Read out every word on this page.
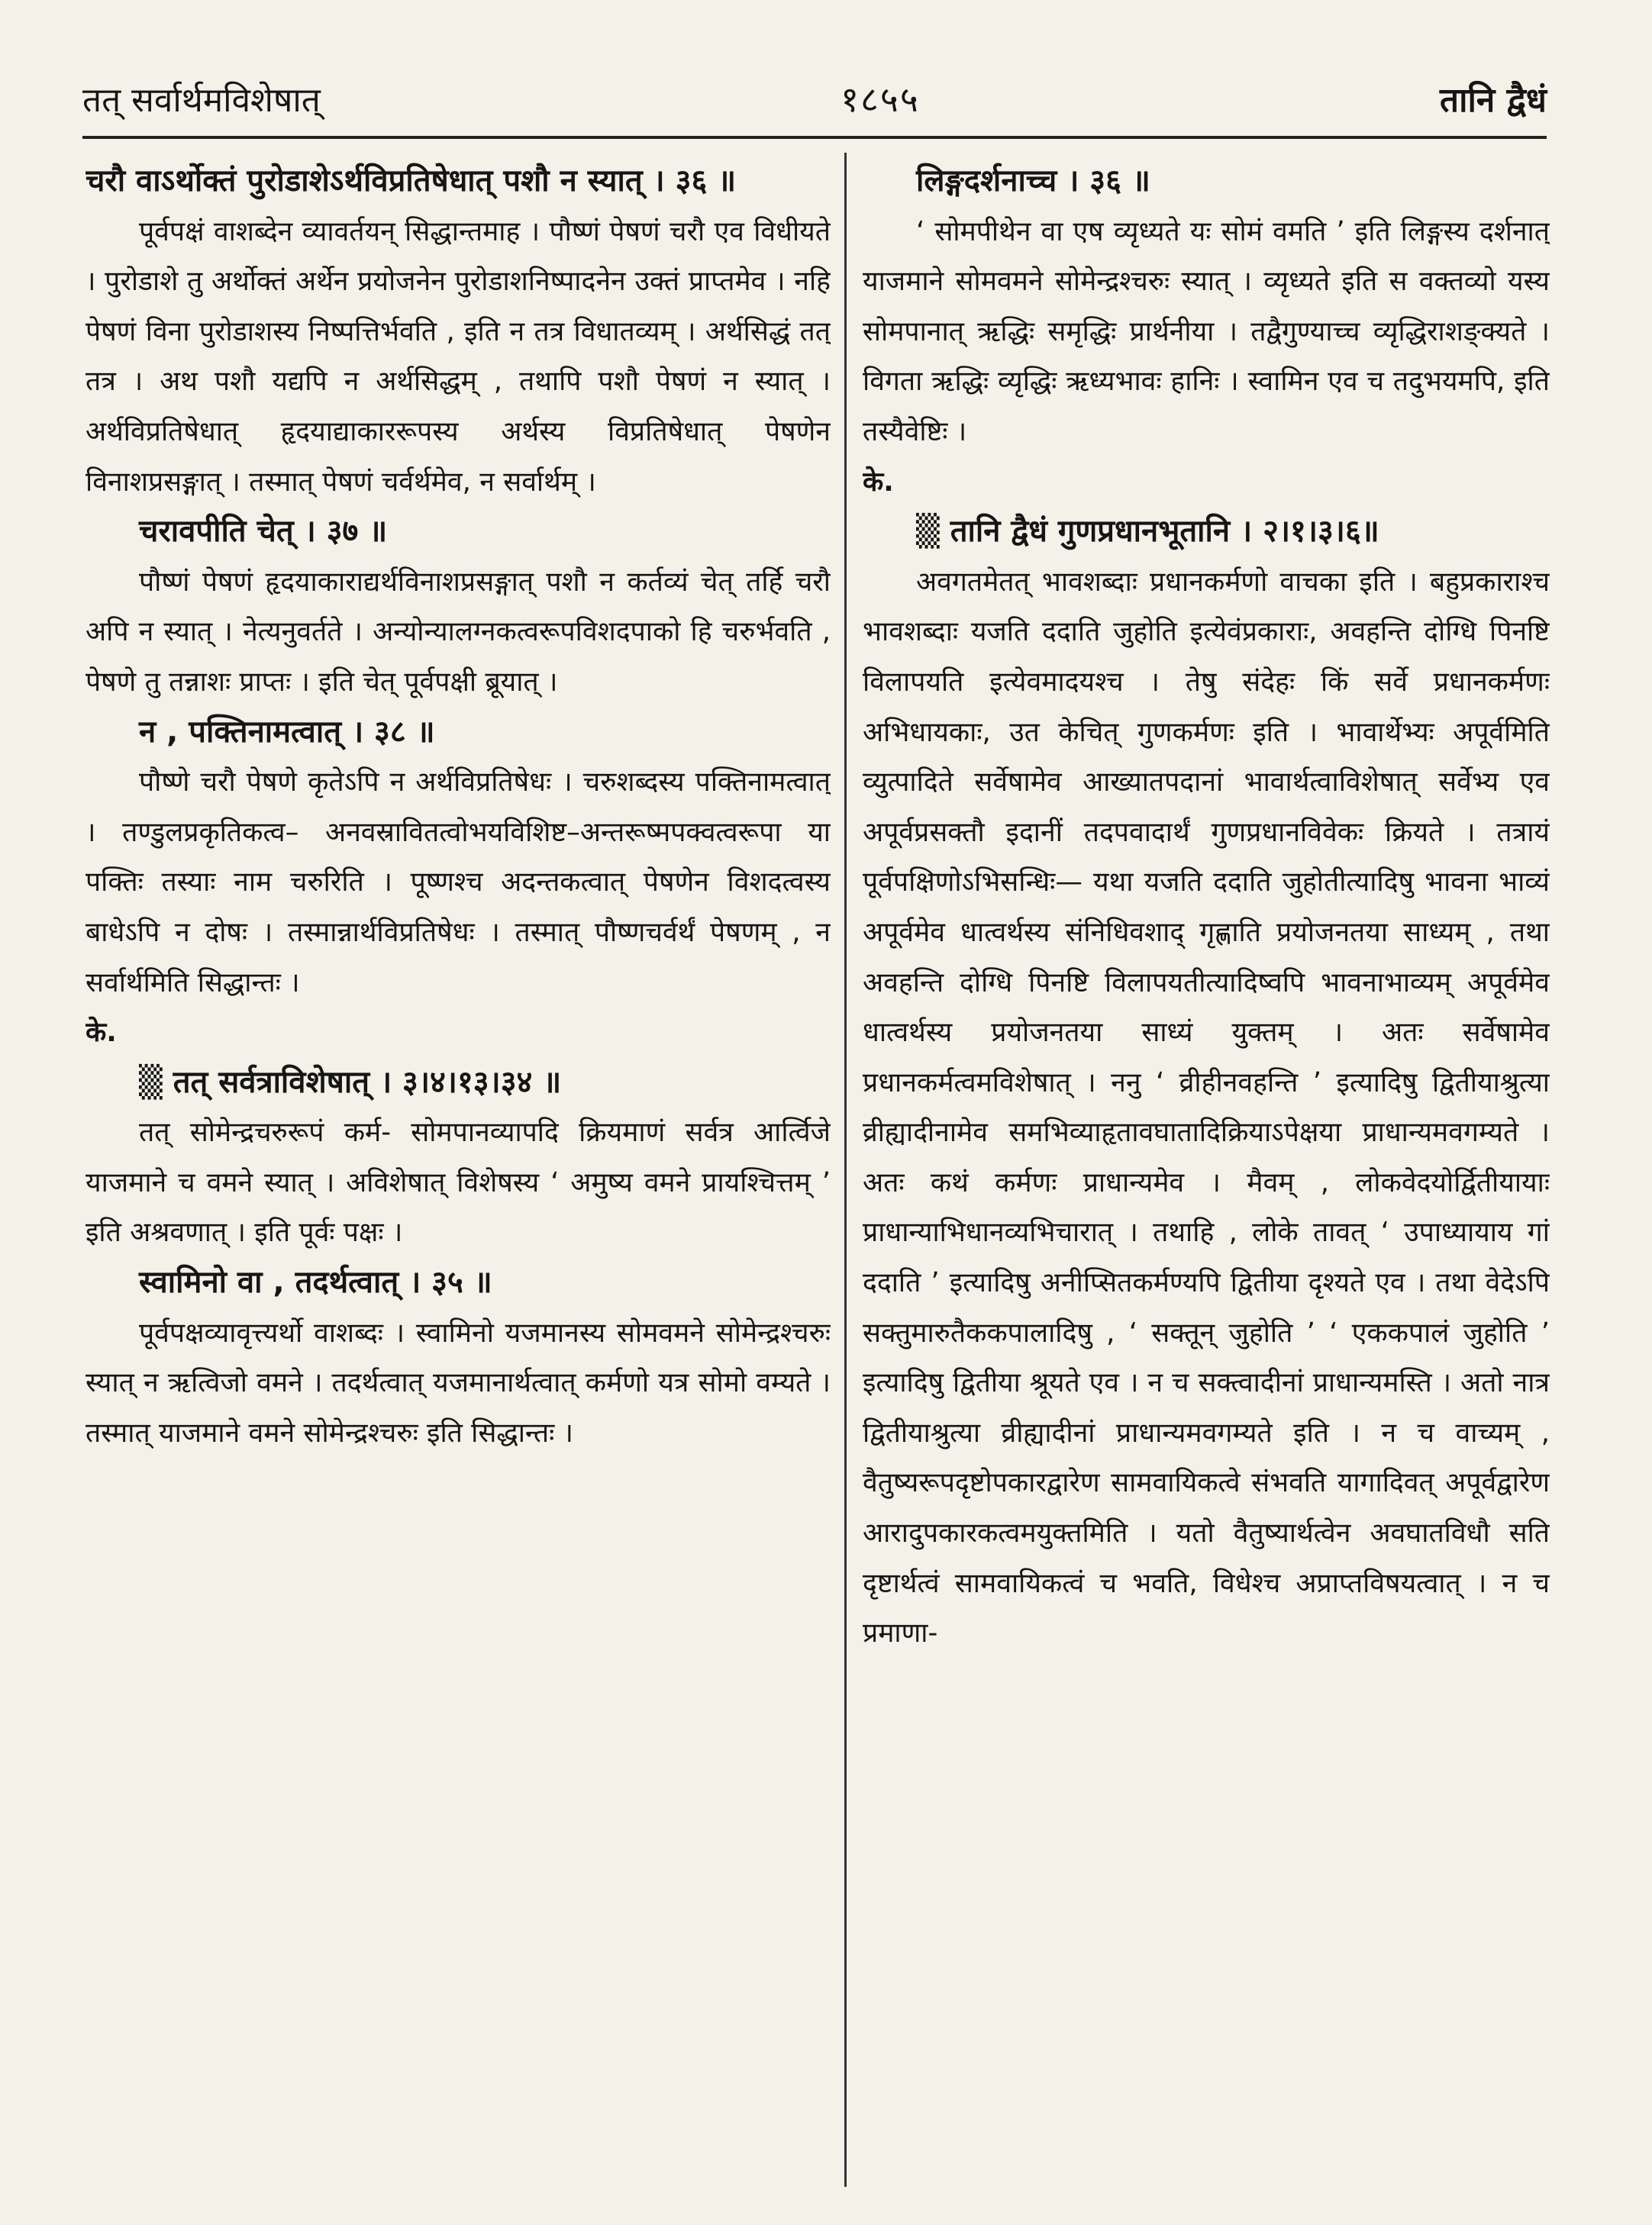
तत् सर्वार्थमविशेषात्	१८५५	तानि द्वैधं

चरौ वाऽर्थोक्तं पुरोडाशेऽर्थविप्रतिषेधात् पशौ न स्यात् । ३६ ॥

पूर्वपक्षं वाशब्देन व्यावर्तयन् सिद्धान्तमाह । पौष्णं पेषणं चरौ एव विधीयते । पुरोडाशे तु अर्थोक्तं अर्थेन प्रयोजनेन पुरोडाशनिष्पादनेन उक्तं प्राप्तमेव । नहि पेषणं विना पुरोडाशस्य निष्पत्तिर्भवति , इति न तत्र विधातव्यम् । अर्थसिद्धं तत् तत्र । अथ पशौ यद्यपि न अर्थसिद्धम् , तथापि पशौ पेषणं न स्यात् । अर्थविप्रतिषेधात् हृदयाद्याकाररूपस्य अर्थस्य विप्रतिषेधात् पेषणेन विनाशप्रसङ्गात् । तस्मात् पेषणं चर्वर्थमेव, न सर्वार्थम् ।

चरावपीति चेत् । ३७ ॥

पौष्णं पेषणं हृदयाकाराद्यर्थविनाशप्रसङ्गात् पशौ न कर्तव्यं चेत् तर्हि चरौ अपि न स्यात् । नेत्यनुवर्तते । अन्योन्यालग्नकत्वरूपविशदपाको हि चरुर्भवति , पेषणे तु तन्नाशः प्राप्तः । इति चेत् पूर्वपक्षी ब्रूयात् ।

न , पक्तिनामत्वात् । ३८ ॥

पौष्णे चरौ पेषणे कृतेऽपि न अर्थविप्रतिषेधः । चरुशब्दस्य पक्तिनामत्वात् । तण्डुलप्रकृतिकत्व– अनवस्रावितत्वोभयविशिष्ट–अन्तरूष्मपक्वत्वरूपा या पक्तिः तस्याः नाम चरुरिति । पूष्णश्च अदन्तकत्वात् पेषणेन विशदत्वस्य बाधेऽपि न दोषः । तस्मान्नार्थविप्रतिषेधः । तस्मात् पौष्णचर्वर्थं पेषणम् , न सर्वार्थमिति सिद्धान्तः ।

के.

▒ तत् सर्वत्राविशेषात् । ३।४।१३।३४ ॥

तत् सोमेन्द्रचरुरूपं कर्म- सोमपानव्यापदि क्रियमाणं सर्वत्र आर्त्विजे याजमाने च वमने स्यात् । अविशेषात् विशेषस्य ‘ अमुष्य वमने प्रायश्चित्तम् ’ इति अश्रवणात् । इति पूर्वः पक्षः ।

स्वामिनो वा , तदर्थत्वात् । ३५ ॥

पूर्वपक्षव्यावृत्त्यर्थो वाशब्दः । स्वामिनो यजमानस्य सोमवमने सोमेन्द्रश्चरुः स्यात् न ऋत्विजो वमने । तदर्थत्वात् यजमानार्थत्वात् कर्मणो यत्र सोमो वम्यते । तस्मात् याजमाने वमने सोमेन्द्रश्चरुः इति सिद्धान्तः ।

लिङ्गदर्शनाच्च । ३६ ॥

‘ सोमपीथेन वा एष व्यृध्यते यः सोमं वमति ’ इति लिङ्गस्य दर्शनात् याजमाने सोमवमने सोमेन्द्रश्चरुः स्यात् । व्यृध्यते इति स वक्तव्यो यस्य सोमपानात् ऋद्धिः समृद्धिः प्रार्थनीया । तद्वैगुण्याच्च व्यृद्धिराशङ्क्यते । विगता ऋद्धिः व्यृद्धिः ऋध्यभावः हानिः । स्वामिन एव च तदुभयमपि, इति तस्यैवेष्टिः ।

के.

▒ तानि द्वैधं गुणप्रधानभूतानि । २।१।३।६॥

अवगतमेतत् भावशब्दाः प्रधानकर्मणो वाचका इति । बहुप्रकाराश्च भावशब्दाः यजति ददाति जुहोति इत्येवंप्रकाराः, अवहन्ति दोग्धि पिनष्टि विलापयति इत्येवमादयश्च । तेषु संदेहः किं सर्वे प्रधानकर्मणः अभिधायकाः, उत केचित् गुणकर्मणः इति । भावार्थेभ्यः अपूर्वमिति व्युत्पादिते सर्वेषामेव आख्यातपदानां भावार्थत्वाविशेषात् सर्वेभ्य एव अपूर्वप्रसक्तौ इदानीं तदपवादार्थं गुणप्रधानविवेकः क्रियते । तत्रायं पूर्वपक्षिणोऽभिसन्धिः— यथा यजति ददाति जुहोतीत्यादिषु भावना भाव्यं अपूर्वमेव धात्वर्थस्य संनिधिवशाद् गृह्णाति प्रयोजनतया साध्यम् , तथा अवहन्ति दोग्धि पिनष्टि विलापयतीत्यादिष्वपि भावनाभाव्यम् अपूर्वमेव धात्वर्थस्य प्रयोजनतया साध्यं युक्तम् । अतः सर्वेषामेव प्रधानकर्मत्वमविशेषात् । ननु ‘ व्रीहीनवहन्ति ’ इत्यादिषु द्वितीयाश्रुत्या व्रीह्यादीनामेव समभिव्याहृतावघातादिक्रियाऽपेक्षया प्राधान्यमवगम्यते । अतः कथं कर्मणः प्राधान्यमेव । मैवम् , लोकवेदयोर्द्वितीयायाः प्राधान्याभिधानव्यभिचारात् । तथाहि , लोके तावत् ‘ उपाध्यायाय गां ददाति ’ इत्यादिषु अनीप्सितकर्मण्यपि द्वितीया दृश्यते एव । तथा वेदेऽपि सक्तुमारुतैककपालादिषु , ‘ सक्तून् जुहोति ’ ‘ एककपालं जुहोति ’ इत्यादिषु द्वितीया श्रूयते एव । न च सक्त्वादीनां प्राधान्यमस्ति । अतो नात्र द्वितीयाश्रुत्या व्रीह्यादीनां प्राधान्यमवगम्यते इति । न च वाच्यम् , वैतुष्यरूपदृष्टोपकारद्वारेण सामवायिकत्वे संभवति यागादिवत् अपूर्वद्वारेण आरादुपकारकत्वमयुक्तमिति । यतो वैतुष्यार्थत्वेन अवघातविधौ सति दृष्टार्थत्वं सामवायिकत्वं च भवति, विधेश्च अप्राप्तविषयत्वात् । न च प्रमाणा-
